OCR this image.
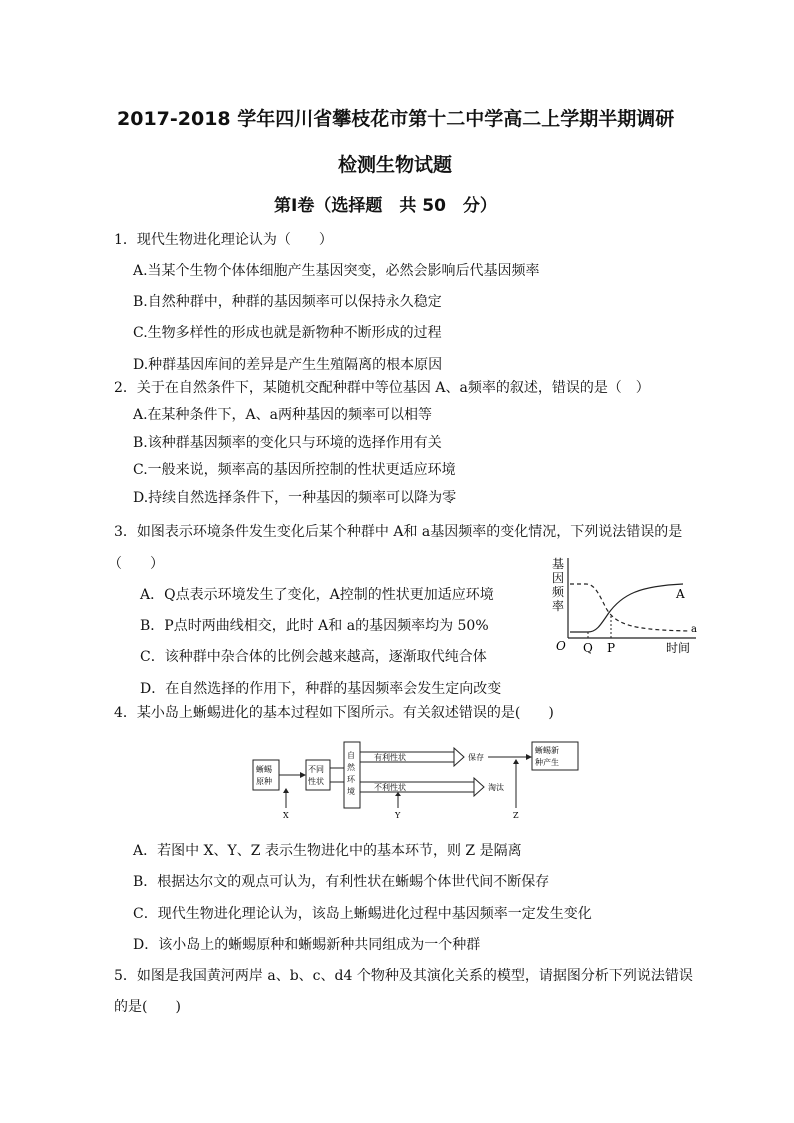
2017-2018 学年四川省攀枝花市第十二中学高二上学期半期调研
检测生物试题
第Ⅰ卷（选择题　共 50　分）
1．现代生物进化理论认为（　　）
A.当某个生物个体体细胞产生基因突变，必然会影响后代基因频率
B.自然种群中，种群的基因频率可以保持永久稳定
C.生物多样性的形成也就是新物种不断形成的过程
D.种群基因库间的差异是产生生殖隔离的根本原因
2．关于在自然条件下，某随机交配种群中等位基因 A、a频率的叙述，错误的是（　）
A.在某种条件下，A、a两种基因的频率可以相等
B.该种群基因频率的变化只与环境的选择作用有关
C.一般来说，频率高的基因所控制的性状更适应环境
D.持续自然选择条件下，一种基因的频率可以降为零
3．如图表示环境条件发生变化后某个种群中 A和 a基因频率的变化情况，下列说法错误的是
（　　）
A．Q点表示环境发生了变化，A控制的性状更加适应环境
B．P点时两曲线相交，此时 A和 a的基因频率均为 50%
C．该种群中杂合体的比例会越来越高，逐渐取代纯合体
D．在自然选择的作用下，种群的基因频率会发生定向改变
基
因
频
率
A
a
O Q P	时间
4．某小岛上蜥蜴进化的基本过程如下图所示。有关叙述错误的是(　　)
蜥蜴
原种
不同
性状
自
然
环
境
有利性状	保存
不利性状	淘汰
蜥蜴新
种产生
X	Y	Z
A．若图中 X、Y、Z 表示生物进化中的基本环节，则 Z 是隔离
B．根据达尔文的观点可认为，有利性状在蜥蜴个体世代间不断保存
C．现代生物进化理论认为，该岛上蜥蜴进化过程中基因频率一定发生变化
D．该小岛上的蜥蜴原种和蜥蜴新种共同组成为一个种群
5．如图是我国黄河两岸 a、b、c、d4 个物种及其演化关系的模型，请据图分析下列说法错误
的是(　　)
